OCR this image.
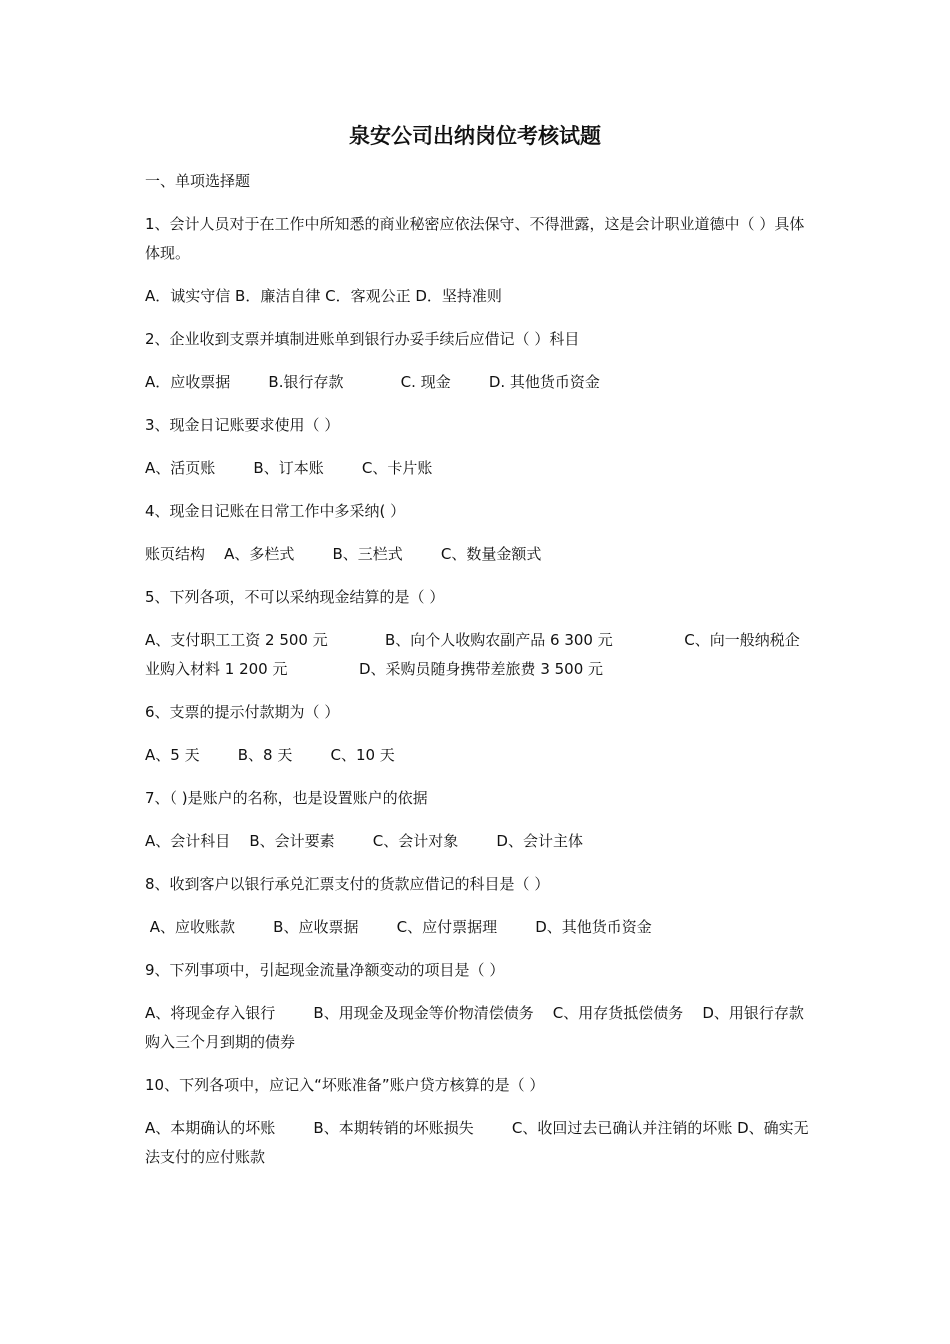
泉安公司出纳岗位考核试题
一、单项选择题
1、会计人员对于在工作中所知悉的商业秘密应依法保守、不得泄露，这是会计职业道德中（ ）具体体现。
A．诚实守信 B．廉洁自律 C．客观公正 D．坚持准则
2、企业收到支票并填制进账单到银行办妥手续后应借记（ ）科目
A．应收票据        B.银行存款            C. 现金        D. 其他货币资金
3、现金日记账要求使用（ ）
A、活页账        B、订本账        C、卡片账
4、现金日记账在日常工作中多采纳( ）
账页结构    A、多栏式        B、三栏式        C、数量金额式
5、下列各项，不可以采纳现金结算的是（ ）
A、支付职工工资 2 500 元            B、向个人收购农副产品 6 300 元               C、向一般纳税企业购入材料 1 200 元               D、采购员随身携带差旅费 3 500 元
6、支票的提示付款期为（ ）
A、5 天        B、8 天        C、10 天
7、（ )是账户的名称，也是设置账户的依据
A、会计科目    B、会计要素        C、会计对象        D、会计主体
8、收到客户以银行承兑汇票支付的货款应借记的科目是（ ）
A、应收账款        B、应收票据        C、应付票据理        D、其他货币资金
9、下列事项中，引起现金流量净额变动的项目是（ ）
A、将现金存入银行        B、用现金及现金等价物清偿债务    C、用存货抵偿债务    D、用银行存款购入三个月到期的债券
10、下列各项中，应记入“坏账准备”账户贷方核算的是（ ）
A、本期确认的坏账        B、本期转销的坏账损失        C、收回过去已确认并注销的坏账 D、确实无法支付的应付账款
